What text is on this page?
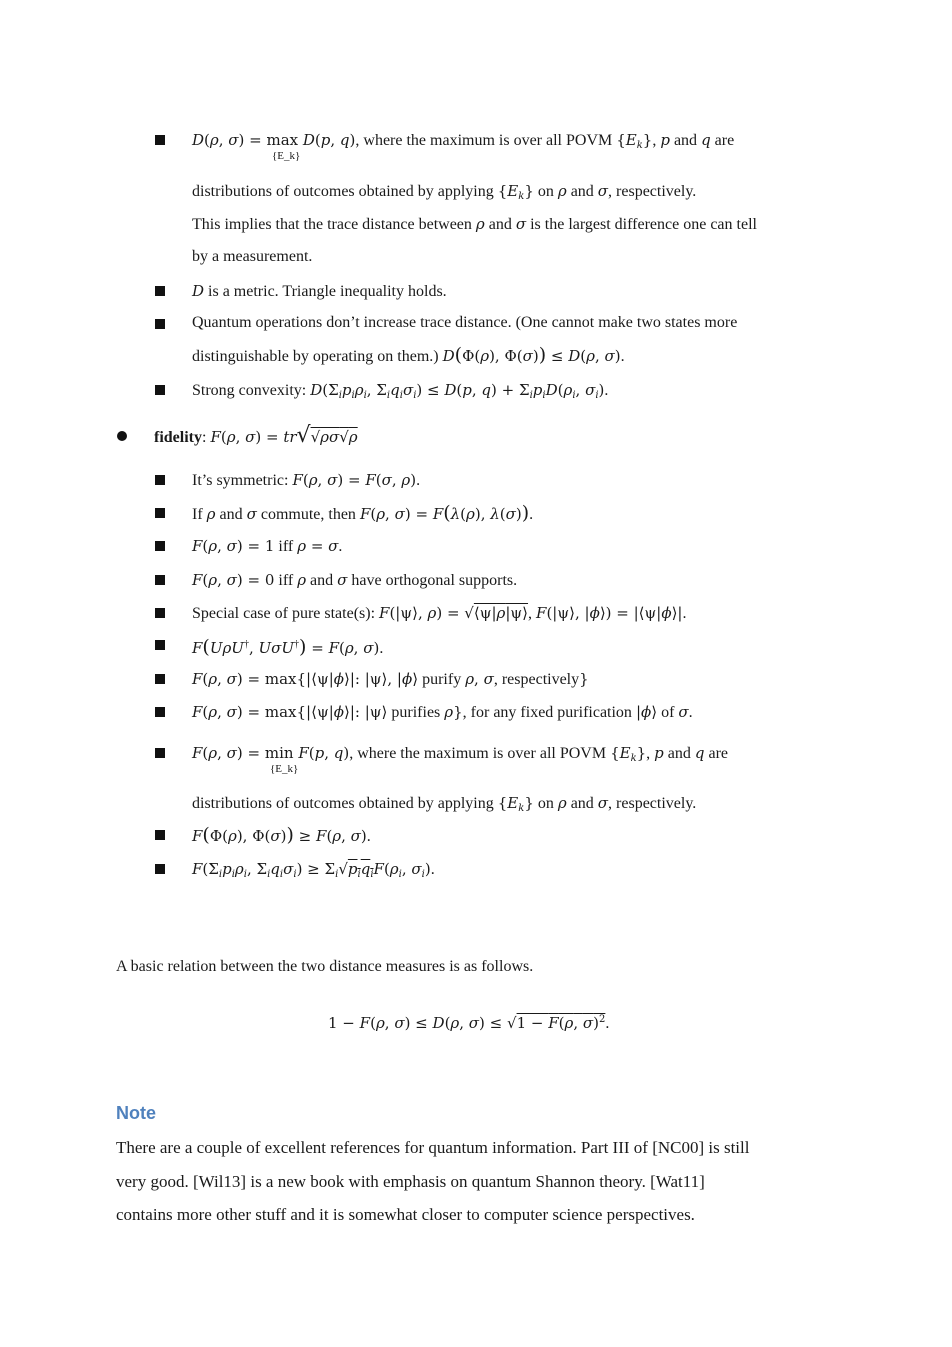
D(ρ, σ) = max D(p, q), where the maximum is over all POVM $\{E_k\}$, p and q are
{E_k}
distributions of outcomes obtained by applying $\{E_k\}$ on ρ and σ, respectively.
This implies that the trace distance between ρ and σ is the largest difference one can tell
by a measurement.
D is a metric. Triangle inequality holds.
Quantum operations don’t increase trace distance. (One cannot make two states more
distinguishable by operating on them.) D(Φ(ρ), Φ(σ)) ≤ D(ρ, σ).
Strong convexity: $D(\Sigma_ip_i\rho_i$, $\Sigma_iq_i\sigma_i) \le D(p$, $q) + \Sigma_ip_iD(\rho_i$, $\sigma_i$).
fidelity: F(ρ, σ) = tr√√ρσ√ρ
It’s symmetric: F(ρ, σ) = F(σ, ρ).
If ρ and σ commute, then F(ρ, σ) = F(λ(ρ), λ(σ)).
F(ρ, σ) = 1 iff ρ = σ.
F(ρ, σ) = 0 iff ρ and σ have orthogonal supports.
Special case of pure state(s): F(|ψ⟩, $\rho) = √⟨\psi|\overline{\rho}|\psi⟩$, F(|ψ⟩, |ϕ⟩) = |⟨ψ|ϕ⟩|.
F(UρU†, UσU†) = F(ρ, σ).
F(ρ, σ) = max{|⟨ψ|ϕ⟩|: |ψ⟩, |ϕ⟩ purify ρ, σ, respectively}
F(ρ, σ) = max{|⟨ψ|ϕ⟩|: |ψ⟩ purifies ρ}, for any fixed purification |ϕ⟩ of σ.
F(ρ, σ) = min F(p, q), where the maximum is over all POVM $\{E_k\}$, p and q are
{E_k}
distributions of outcomes obtained by applying $\{E_k\}$ on ρ and σ, respectively.
F(Φ(ρ), Φ(σ)) ≥ F(ρ, σ).
$F(\Sigma_ip_i\rho_i$, $\Sigma_iq_i\sigma_i) \ge \Sigma_i√p_iq_iF(\rho_i$, $\sigma_i$).
A basic relation between the two distance measures is as follows.
1 − F(ρ, σ) ≤ D(ρ, $\sigma) \le √1 - \overline{F}(\overline{\rho}$, $\overline{\sigma})^2$.
Note
There are a couple of excellent references for quantum information. Part III of [NC00] is still
very good. [Wil13] is a new book with emphasis on quantum Shannon theory. [Wat11]
contains more other stuff and it is somewhat closer to computer science perspectives.
